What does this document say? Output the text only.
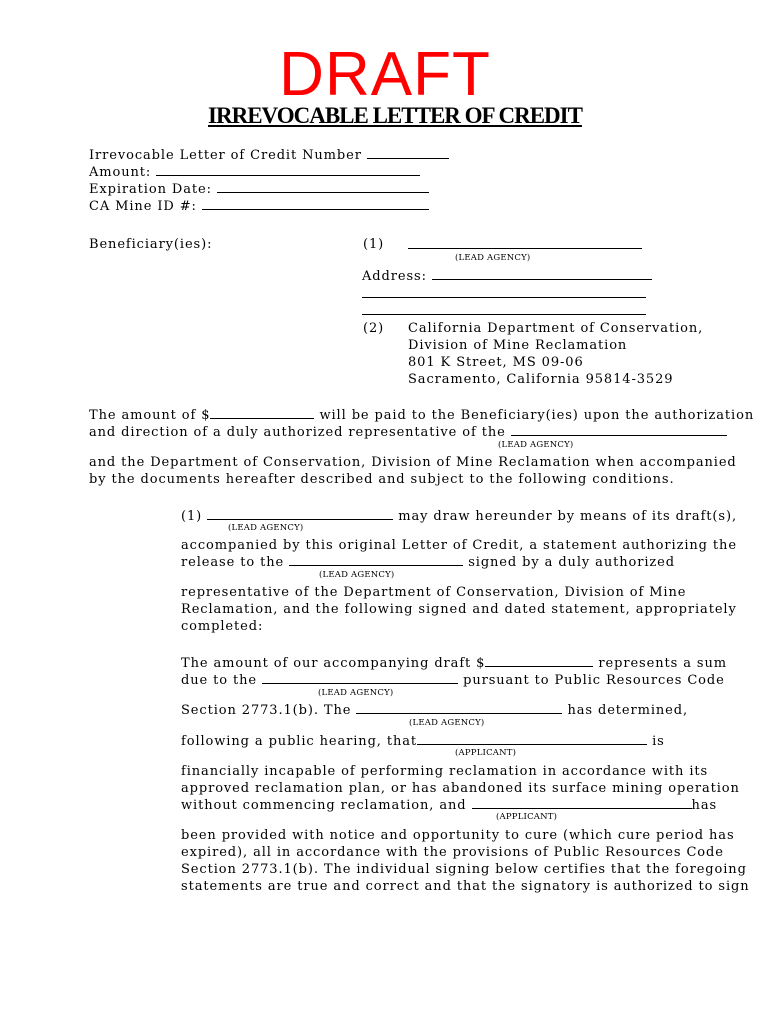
DRAFT
IRREVOCABLE LETTER OF CREDIT
Irrevocable Letter of Credit Number
Amount:
Expiration Date:
CA Mine ID #:
Beneficiary(ies):	(1)
(LEAD AGENCY)
Address:
(2) California Department of Conservation,
Division of Mine Reclamation
801 K Street, MS 09-06
Sacramento, California 95814-3529
The amount of $	will be paid to the Beneficiary(ies) upon the authorization
and direction of a duly authorized representative of the
(LEAD AGENCY)
and the Department of Conservation, Division of Mine Reclamation when accompanied
by the documents hereafter described and subject to the following conditions.
(1)	may draw hereunder by means of its draft(s),
(LEAD AGENCY)
accompanied by this original Letter of Credit, a statement authorizing the
release to the	signed by a duly authorized
(LEAD AGENCY)
representative of the Department of Conservation, Division of Mine
Reclamation, and the following signed and dated statement, appropriately
completed:
The amount of our accompanying draft $	represents a sum
due to the	pursuant to Public Resources Code
(LEAD AGENCY)
Section 2773.1(b). The	has determined,
(LEAD AGENCY)
following a public hearing, that	is
(APPLICANT)
financially incapable of performing reclamation in accordance with its
approved reclamation plan, or has abandoned its surface mining operation
without commencing reclamation, and	has
(APPLICANT)
been provided with notice and opportunity to cure (which cure period has
expired), all in accordance with the provisions of Public Resources Code
Section 2773.1(b). The individual signing below certifies that the foregoing
statements are true and correct and that the signatory is authorized to sign
